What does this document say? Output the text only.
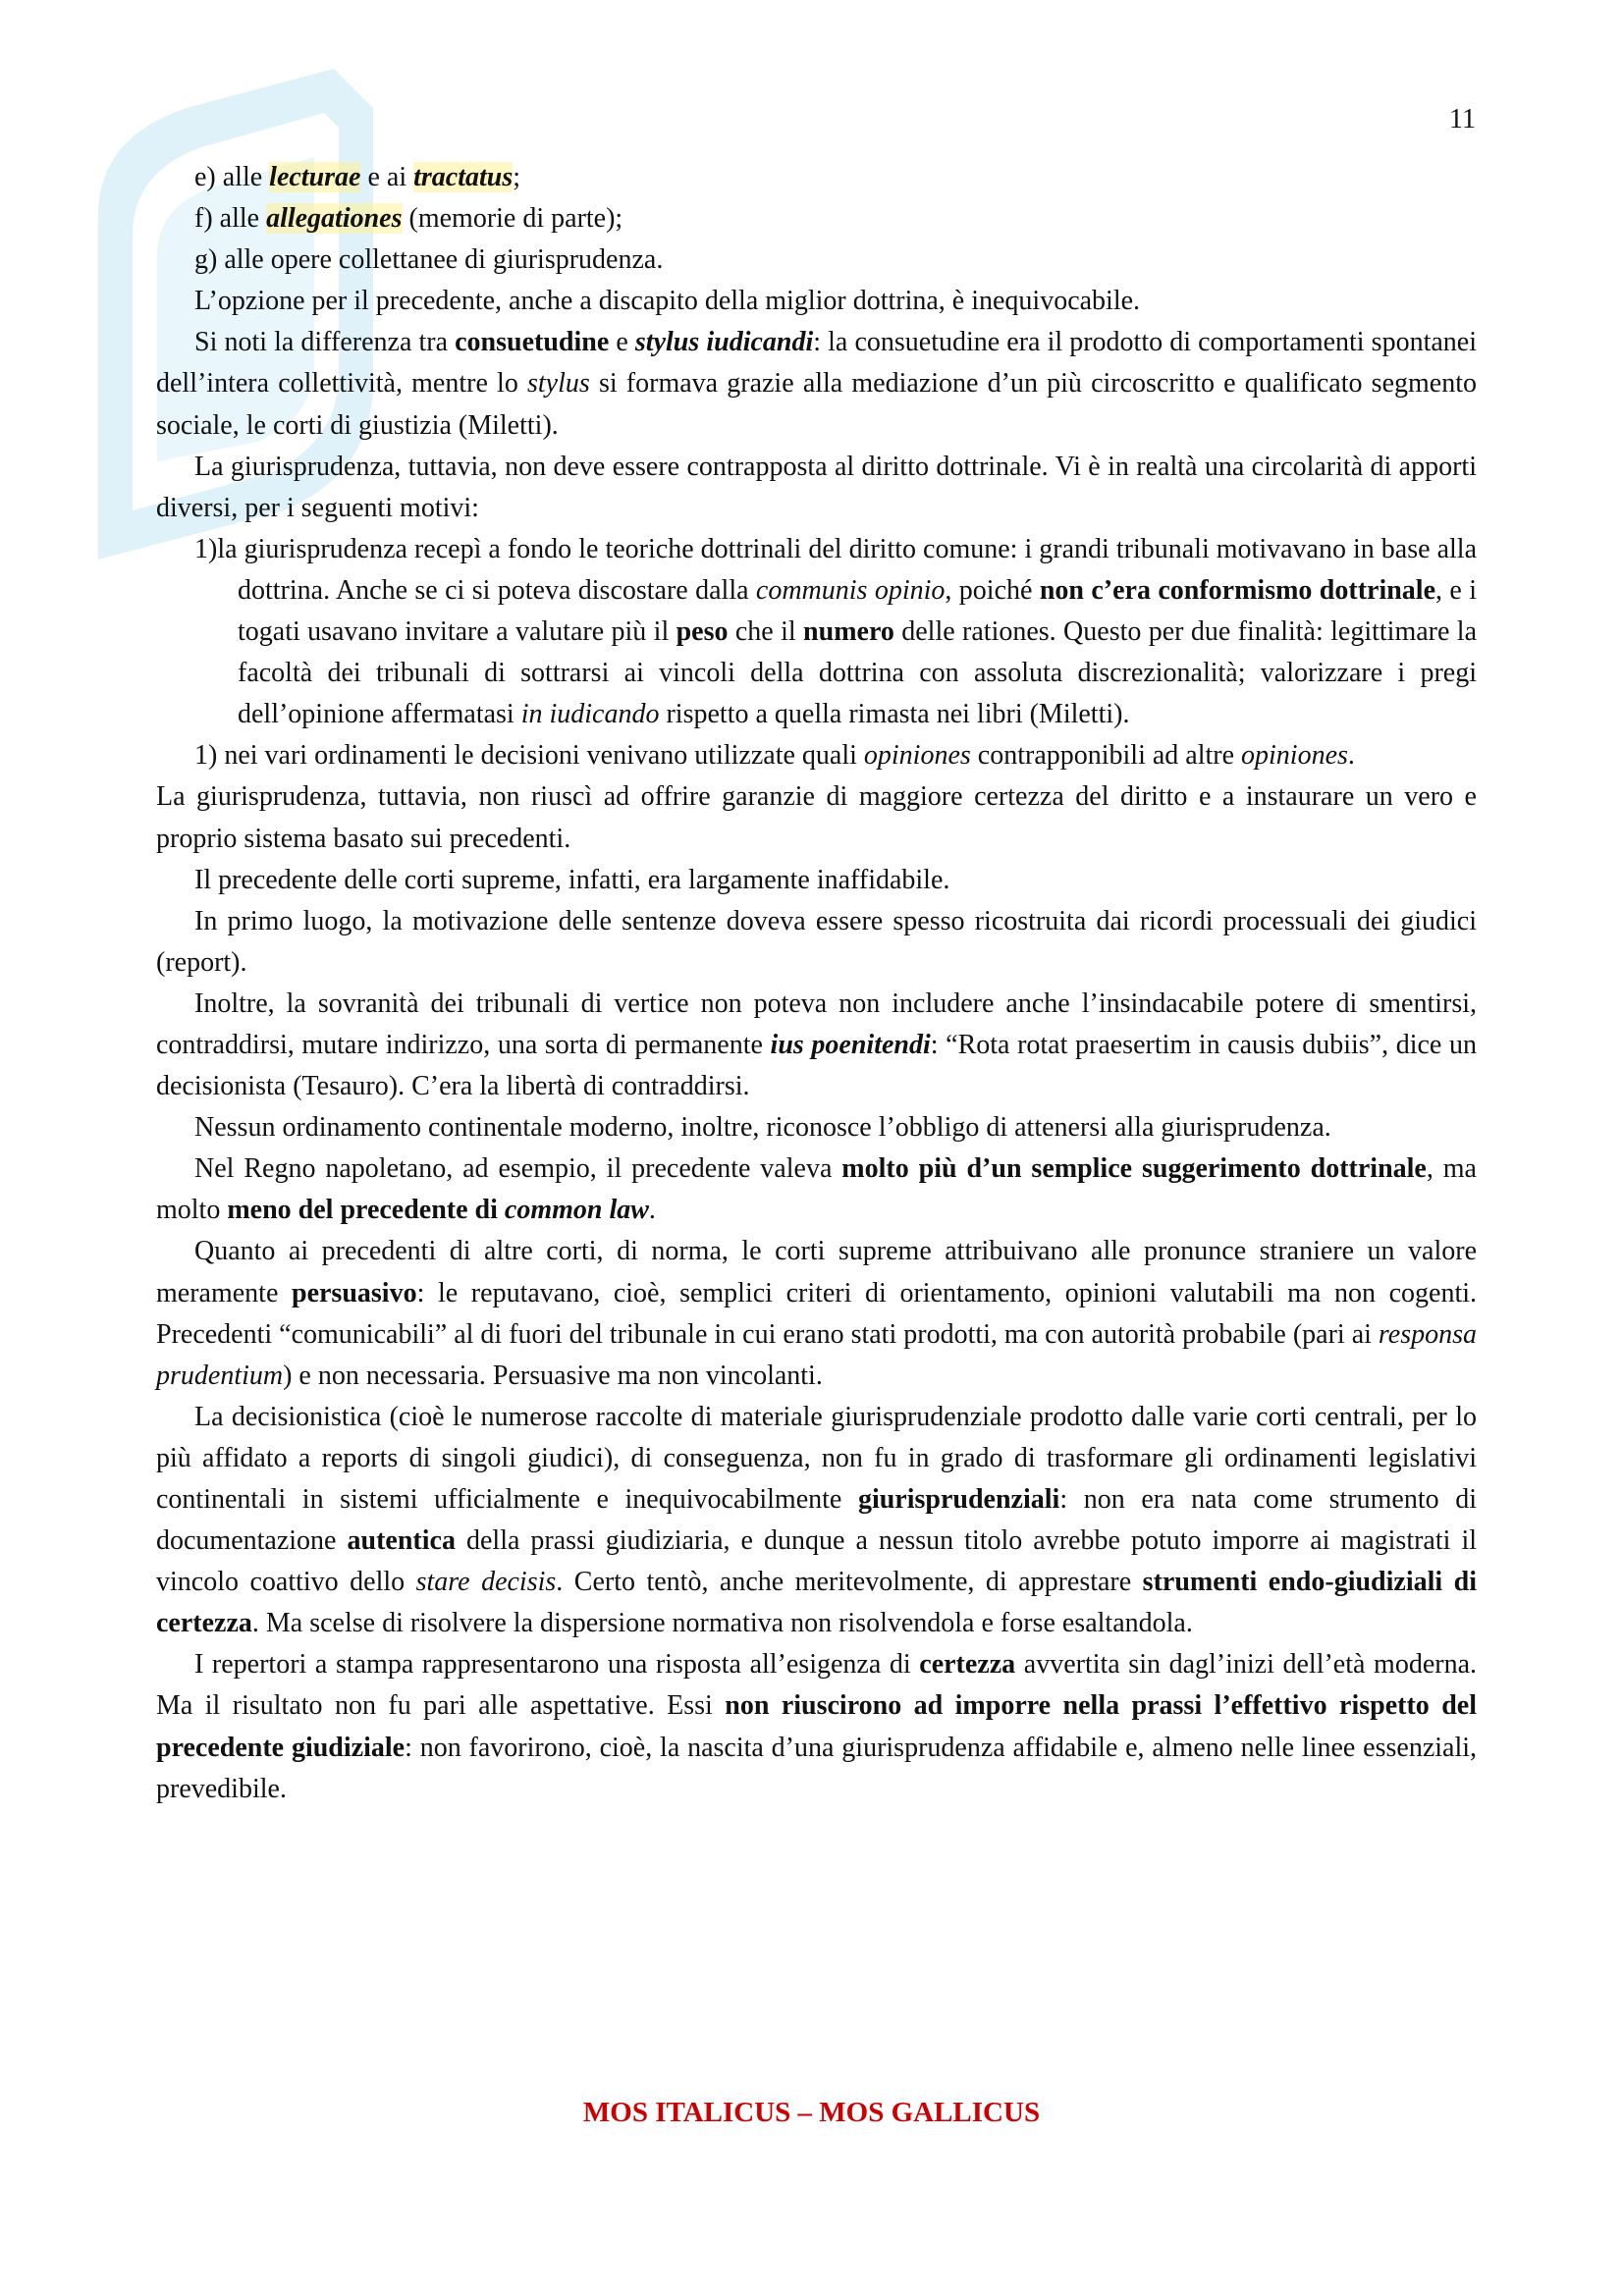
11

e) alle lecturae e ai tractatus;

f) alle allegationes (memorie di parte);

g) alle opere collettanee di giurisprudenza.

L’opzione per il precedente, anche a discapito della miglior dottrina, è inequivocabile.

Si noti la differenza tra consuetudine e stylus iudicandi: la consuetudine era il prodotto di comportamenti spontanei dell’intera collettività, mentre lo stylus si formava grazie alla mediazione d’un più circoscritto e qualificato segmento sociale, le corti di giustizia (Miletti).

La giurisprudenza, tuttavia, non deve essere contrapposta al diritto dottrinale. Vi è in realtà una circolarità di apporti diversi, per i seguenti motivi:

1)la giurisprudenza recepì a fondo le teoriche dottrinali del diritto comune: i grandi tribunali motivavano in base alla dottrina. Anche se ci si poteva discostare dalla communis opinio, poiché non c’era conformismo dottrinale, e i togati usavano invitare a valutare più il peso che il numero delle rationes. Questo per due finalità: legittimare la facoltà dei tribunali di sottrarsi ai vincoli della dottrina con assoluta discrezionalità; valorizzare i pregi dell’opinione affermatasi in iudicando rispetto a quella rimasta nei libri (Miletti).

1) nei vari ordinamenti le decisioni venivano utilizzate quali opiniones contrapponibili ad altre opiniones.

La giurisprudenza, tuttavia, non riuscì ad offrire garanzie di maggiore certezza del diritto e a instaurare un vero e proprio sistema basato sui precedenti.

Il precedente delle corti supreme, infatti, era largamente inaffidabile.

In primo luogo, la motivazione delle sentenze doveva essere spesso ricostruita dai ricordi processuali dei giudici (report).

Inoltre, la sovranità dei tribunali di vertice non poteva non includere anche l’insindacabile potere di smentirsi, contraddirsi, mutare indirizzo, una sorta di permanente ius poenitendi: “Rota rotat praesertim in causis dubiis”, dice un decisionista (Tesauro). C’era la libertà di contraddirsi.

Nessun ordinamento continentale moderno, inoltre, riconosce l’obbligo di attenersi alla giurisprudenza.

Nel Regno napoletano, ad esempio, il precedente valeva molto più d’un semplice suggerimento dottrinale, ma molto meno del precedente di common law.

Quanto ai precedenti di altre corti, di norma, le corti supreme attribuivano alle pronunce straniere un valore meramente persuasivo: le reputavano, cioè, semplici criteri di orientamento, opinioni valutabili ma non cogenti. Precedenti “comunicabili” al di fuori del tribunale in cui erano stati prodotti, ma con autorità probabile (pari ai responsa prudentium) e non necessaria. Persuasive ma non vincolanti.

La decisionistica (cioè le numerose raccolte di materiale giurisprudenziale prodotto dalle varie corti centrali, per lo più affidato a reports di singoli giudici), di conseguenza, non fu in grado di trasformare gli ordinamenti legislativi continentali in sistemi ufficialmente e inequivocabilmente giurisprudenziali: non era nata come strumento di documentazione autentica della prassi giudiziaria, e dunque a nessun titolo avrebbe potuto imporre ai magistrati il vincolo coattivo dello stare decisis. Certo tentò, anche meritevolmente, di apprestare strumenti endo-giudiziali di certezza. Ma scelse di risolvere la dispersione normativa non risolvendola e forse esaltandola.

I repertori a stampa rappresentarono una risposta all’esigenza di certezza avvertita sin dagl’inizi dell’età moderna. Ma il risultato non fu pari alle aspettative. Essi non riuscirono ad imporre nella prassi l’effettivo rispetto del precedente giudiziale: non favorirono, cioè, la nascita d’una giurisprudenza affidabile e, almeno nelle linee essenziali, prevedibile.

MOS ITALICUS – MOS GALLICUS
